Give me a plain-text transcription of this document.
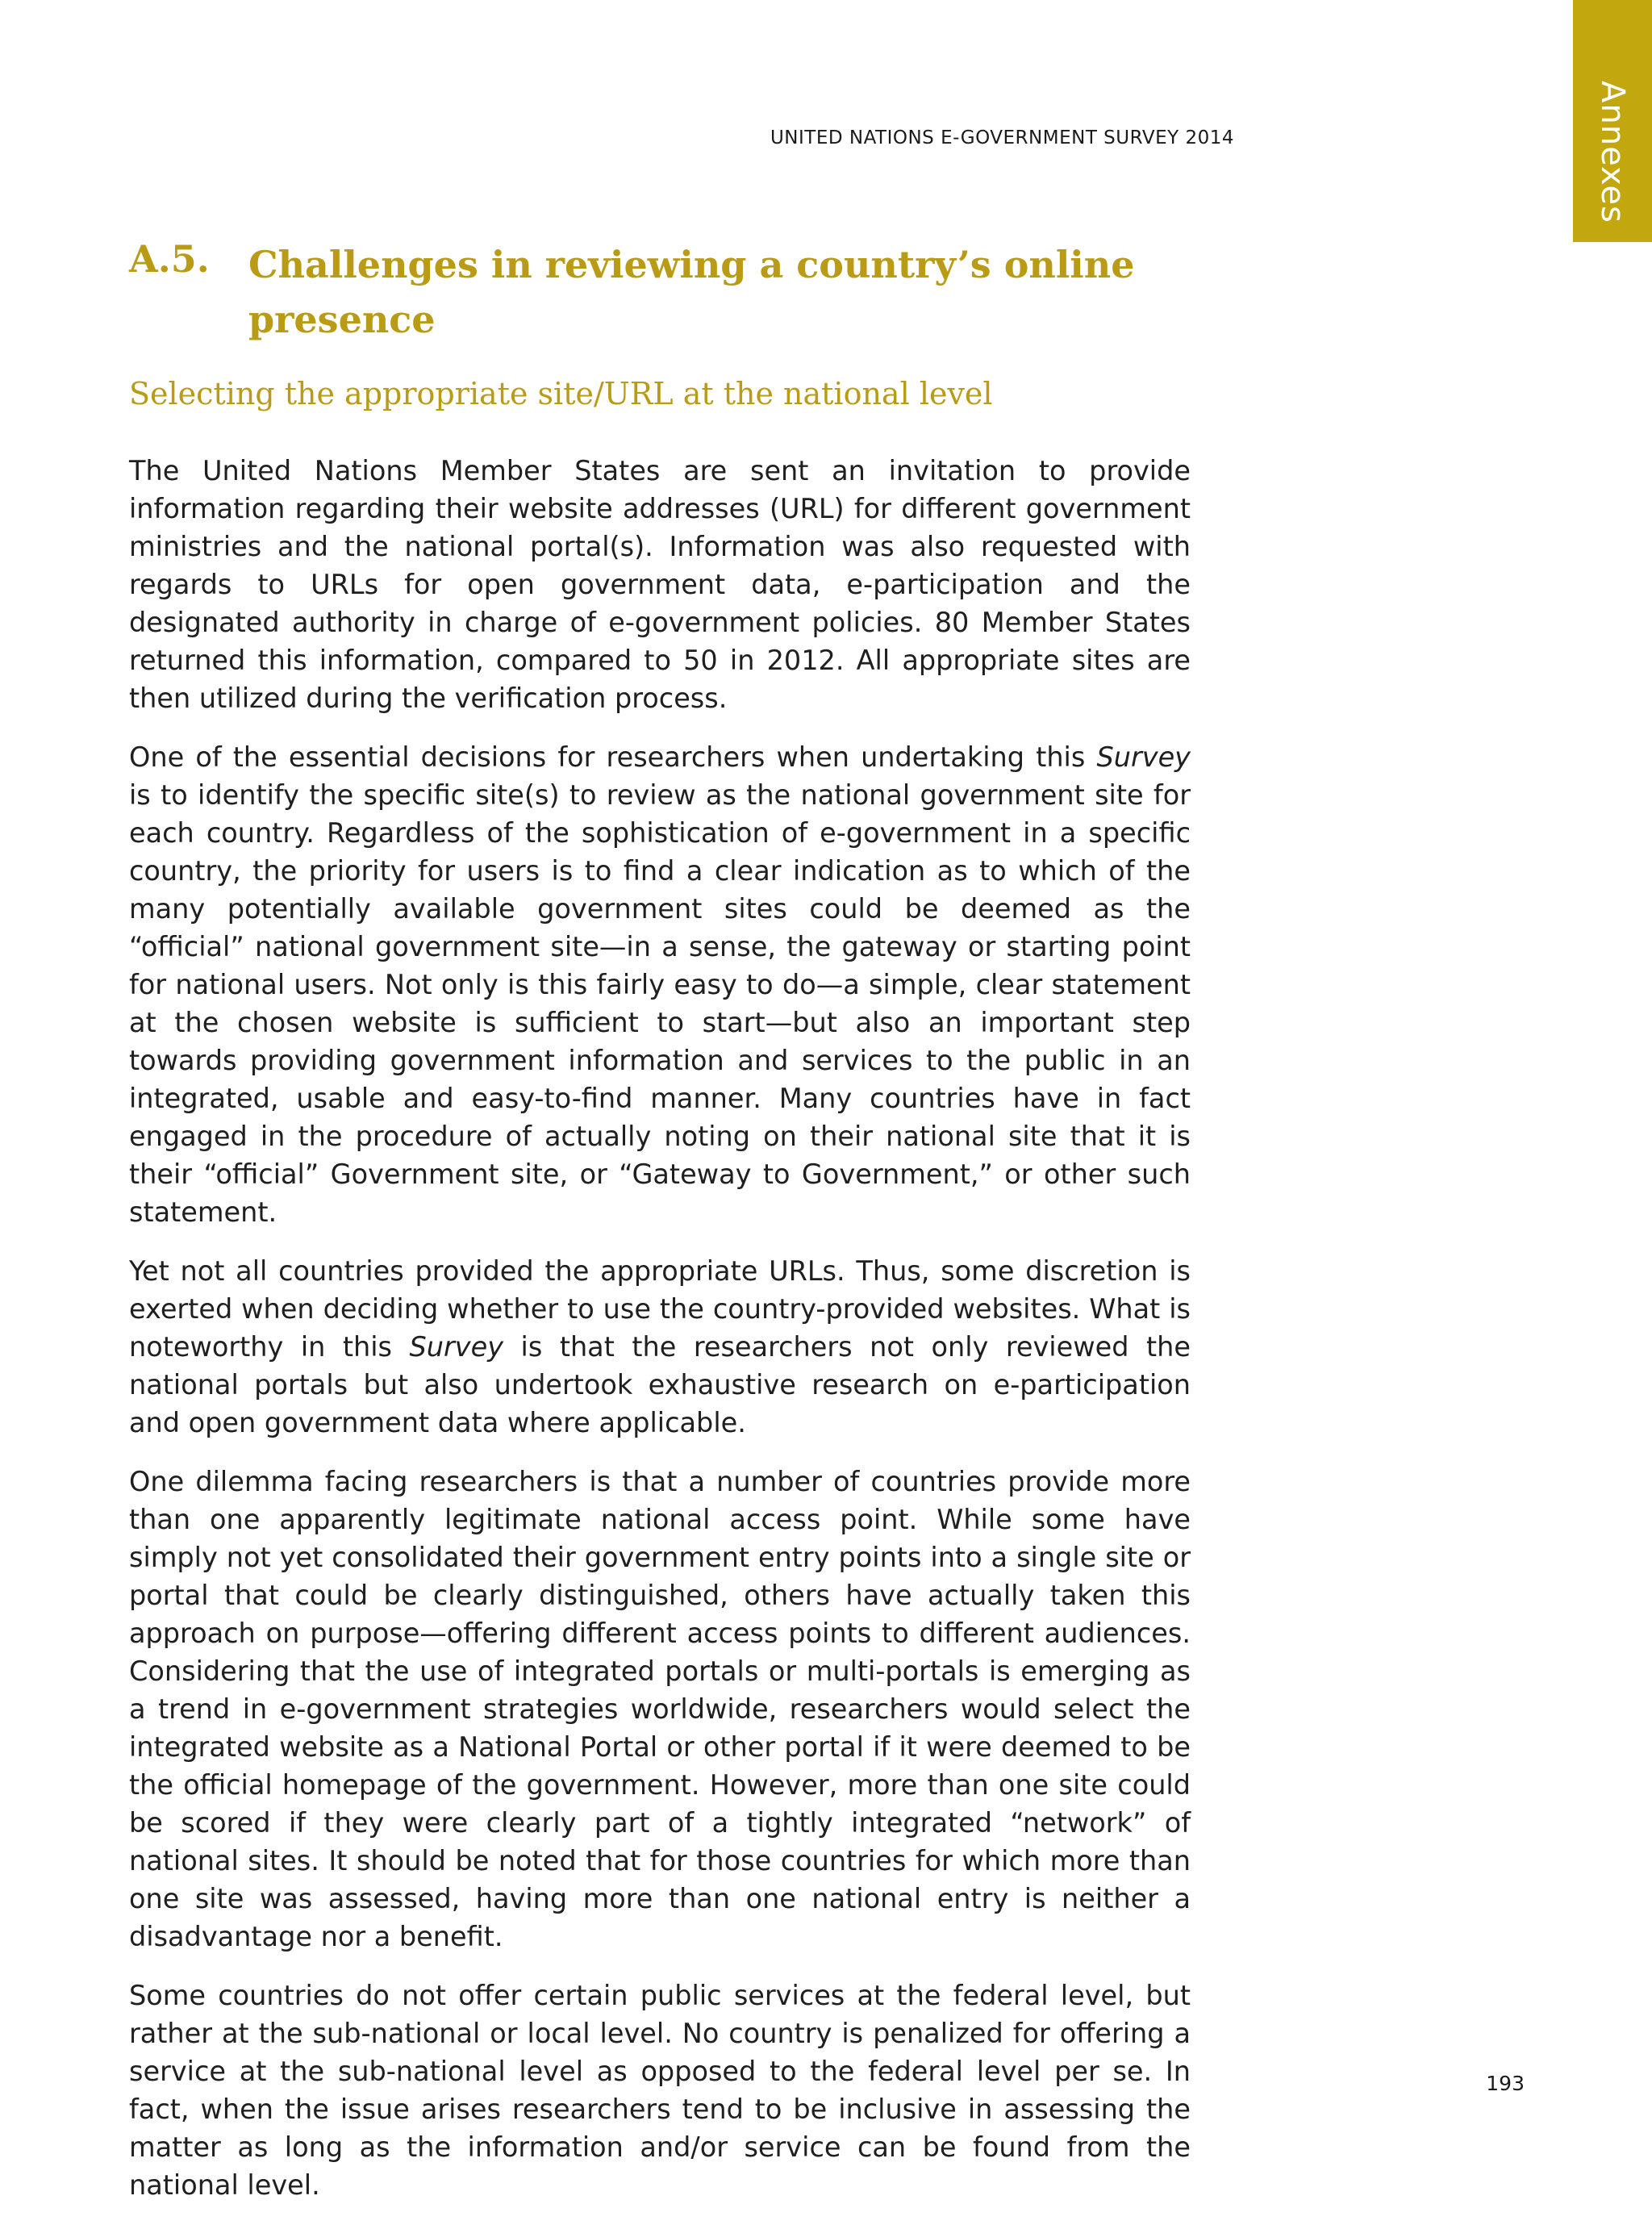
UNITED NATIONS E-GOVERNMENT SURVEY 2014	Annexes
A.5. Challenges in reviewing a country’s online presence
Selecting the appropriate site/URL at the national level

The United Nations Member States are sent an invitation to provide information regarding their website addresses (URL) for different government ministries and the national portal(s). Information was also requested with regards to URLs for open government data, e-participation and the designated authority in charge of e-government policies. 80 Member States returned this information, compared to 50 in 2012. All appropriate sites are then utilized during the verification process.

One of the essential decisions for researchers when undertaking this Survey is to identify the specific site(s) to review as the national government site for each country. Regardless of the sophistication of e-government in a specific country, the priority for users is to find a clear indication as to which of the many potentially available government sites could be deemed as the “official” national government site—in a sense, the gateway or starting point for national users. Not only is this fairly easy to do—a simple, clear statement at the chosen website is sufficient to start—but also an important step towards providing government information and services to the public in an integrated, usable and easy-to-find manner. Many countries have in fact engaged in the procedure of actually noting on their national site that it is their “official” Government site, or “Gateway to Government,” or other such statement.

Yet not all countries provided the appropriate URLs. Thus, some discretion is exerted when deciding whether to use the country-provided websites. What is noteworthy in this Survey is that the researchers not only reviewed the national portals but also undertook exhaustive research on e-participation and open government data where applicable.

One dilemma facing researchers is that a number of countries provide more than one apparently legitimate national access point. While some have simply not yet consolidated their government entry points into a single site or portal that could be clearly distinguished, others have actually taken this approach on purpose—offering different access points to different audiences. Considering that the use of integrated portals or multi-portals is emerging as a trend in e-government strategies worldwide, researchers would select the integrated website as a National Portal or other portal if it were deemed to be the official homepage of the government. However, more than one site could be scored if they were clearly part of a tightly integrated “network” of national sites. It should be noted that for those countries for which more than one site was assessed, having more than one national entry is neither a disadvantage nor a benefit.

Some countries do not offer certain public services at the federal level, but rather at the sub-national or local level. No country is penalized for offering a service at the sub-national level as opposed to the federal level per se. In fact, when the issue arises researchers tend to be inclusive in assessing the matter as long as the information and/or service can be found from the national level.

193
